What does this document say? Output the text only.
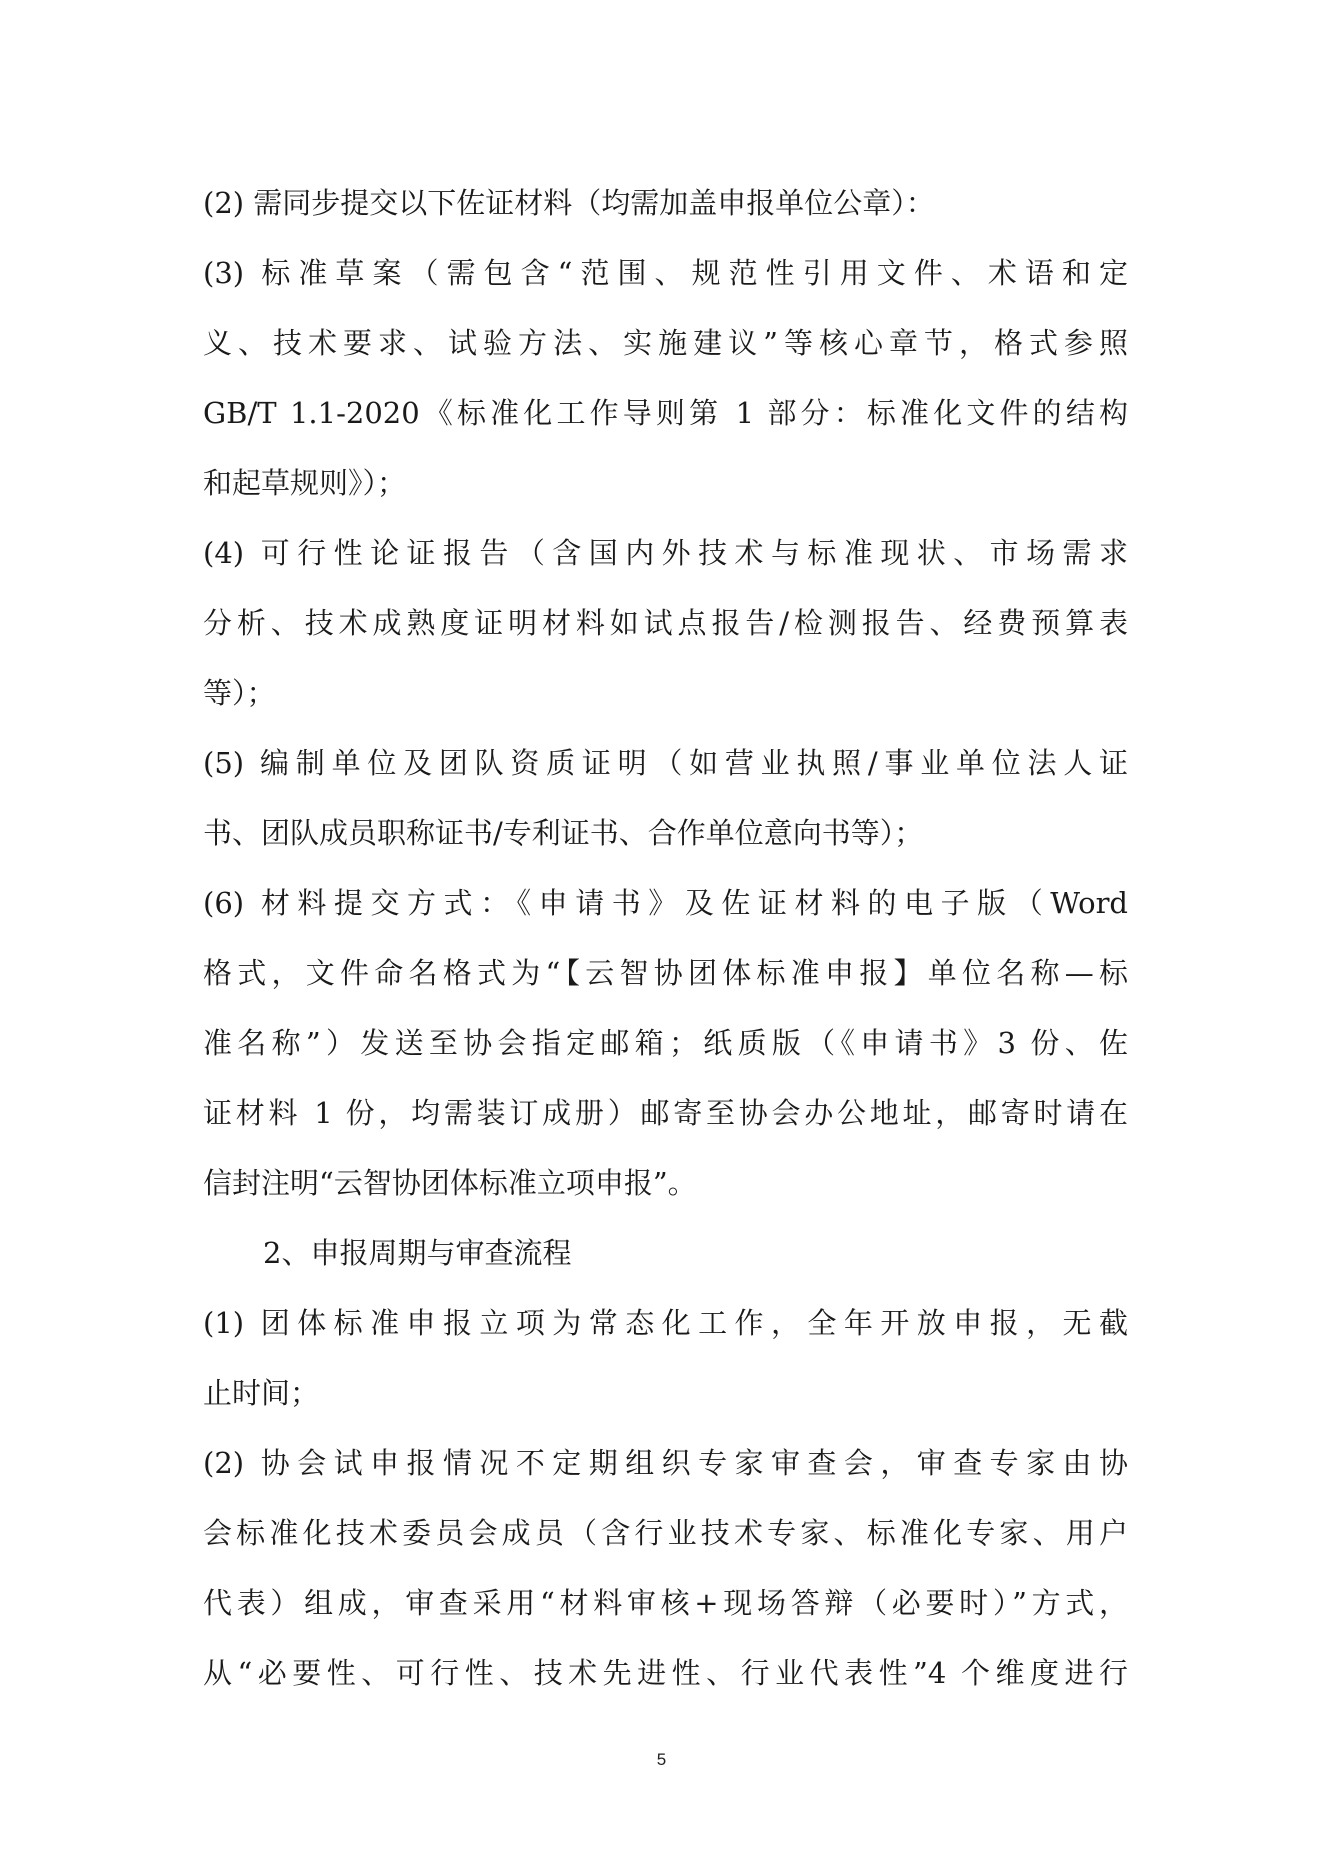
(2) 需同步提交以下佐证材料（均需加盖申报单位公章）：
(3) 标准草案（需包含“范围、规范性引用文件、术语和定
义、技术要求、试验方法、实施建议”等核心章节，格式参照
GB/T 1.1-2020《标准化工作导则第 1 部分：标准化文件的结构
和起草规则》）；
(4) 可行性论证报告（含国内外技术与标准现状、市场需求
分析、技术成熟度证明材料如试点报告/检测报告、经费预算表
等）；
(5) 编制单位及团队资质证明（如营业执照/事业单位法人证
书、团队成员职称证书/专利证书、合作单位意向书等）；
(6) 材料提交方式：《申请书》及佐证材料的电子版（Word
格式，文件命名格式为“【云智协团体标准申报】单位名称—标
准名称”）发送至协会指定邮箱；纸质版（《申请书》3 份、佐
证材料 1 份，均需装订成册）邮寄至协会办公地址，邮寄时请在
信封注明“云智协团体标准立项申报”。
2、申报周期与审查流程
(1) 团体标准申报立项为常态化工作，全年开放申报，无截
止时间；
(2) 协会试申报情况不定期组织专家审查会，审查专家由协
会标准化技术委员会成员（含行业技术专家、标准化专家、用户
代表）组成，审查采用“材料审核+现场答辩（必要时）”方式，
从“必要性、可行性、技术先进性、行业代表性”4 个维度进行
5
